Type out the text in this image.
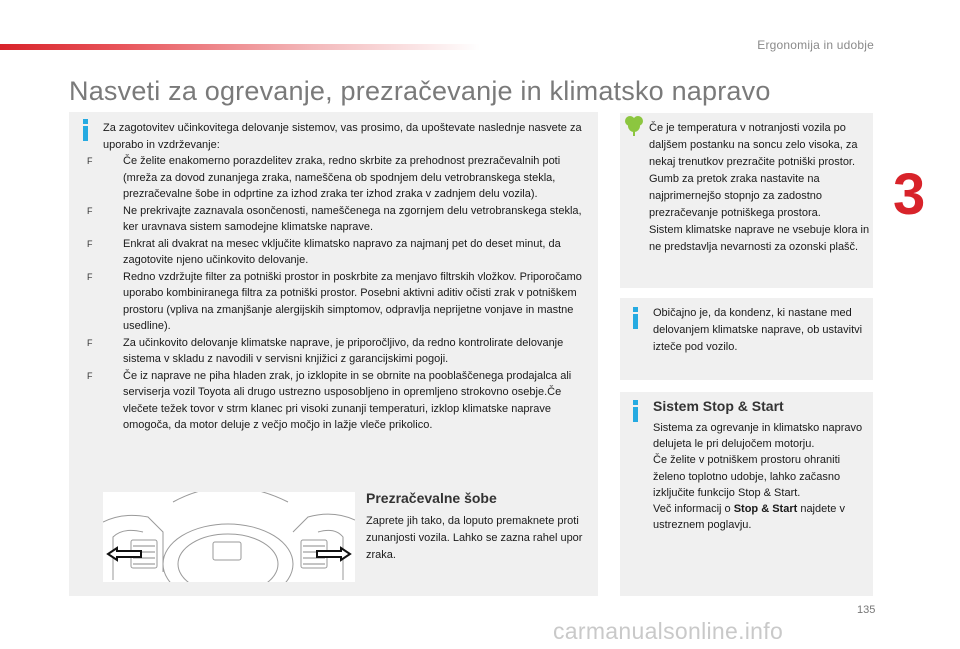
Ergonomija in udobje
Nasveti za ogrevanje, prezračevanje in klimatsko napravo
3
Za zagotovitev učinkovitega delovanje sistemov, vas prosimo, da upoštevate naslednje nasvete za uporabo in vzdrževanje:
F	Če želite enakomerno porazdelitev zraka, redno skrbite za prehodnost prezračevalnih poti (mreža za dovod zunanjega zraka, nameščena ob spodnjem delu vetrobranskega stekla, prezračevalne šobe in odprtine za izhod zraka ter izhod zraka v zadnjem delu vozila).
F	Ne prekrivajte zaznavala osončenosti, nameščenega na zgornjem delu vetrobranskega stekla, ker uravnava sistem samodejne klimatske naprave.
F	Enkrat ali dvakrat na mesec vključite klimatsko napravo za najmanj pet do deset minut, da zagotovite njeno učinkovito delovanje.
F	Redno vzdržujte filter za potniški prostor in poskrbite za menjavo filtrskih vložkov. Priporočamo uporabo kombiniranega filtra za potniški prostor. Posebni aktivni aditiv očisti zrak v potniškem prostoru (vpliva na zmanjšanje alergijskih simptomov, odpravlja neprijetne vonjave in mastne usedline).
F	Za učinkovito delovanje klimatske naprave, je priporočljivo, da redno kontrolirate delovanje sistema v skladu z navodili v servisni knjižici z garancijskimi pogoji.
F	Če iz naprave ne piha hladen zrak, jo izklopite in se obrnite na pooblaščenega prodajalca ali serviserja vozil Toyota ali drugo ustrezno usposobljeno in opremljeno strokovno osebje.Če vlečete težek tovor v strm klanec pri visoki zunanji temperaturi, izklop klimatske naprave omogoča, da motor deluje z večjo močjo in lažje vleče prikolico.
Prezračevalne šobe
Zaprete jih tako, da loputo premaknete proti zunanjosti vozila. Lahko se zazna rahel upor zraka.
Če je temperatura v notranjosti vozila po daljšem postanku na soncu zelo visoka, za nekaj trenutkov prezračite potniški prostor.
Gumb za pretok zraka nastavite na najprimernejšo stopnjo za zadostno prezračevanje potniškega prostora.
Sistem klimatske naprave ne vsebuje klora in ne predstavlja nevarnosti za ozonski plašč.
Običajno je, da kondenz, ki nastane med delovanjem klimatske naprave, ob ustavitvi izteče pod vozilo.
Sistem Stop & Start
Sistema za ogrevanje in klimatsko napravo delujeta le pri delujočem motorju.
Če želite v potniškem prostoru ohraniti želeno toplotno udobje, lahko začasno izključite funkcijo Stop & Start.
Več informacij o Stop & Start najdete v ustreznem poglavju.
135
carmanualsonline.info
